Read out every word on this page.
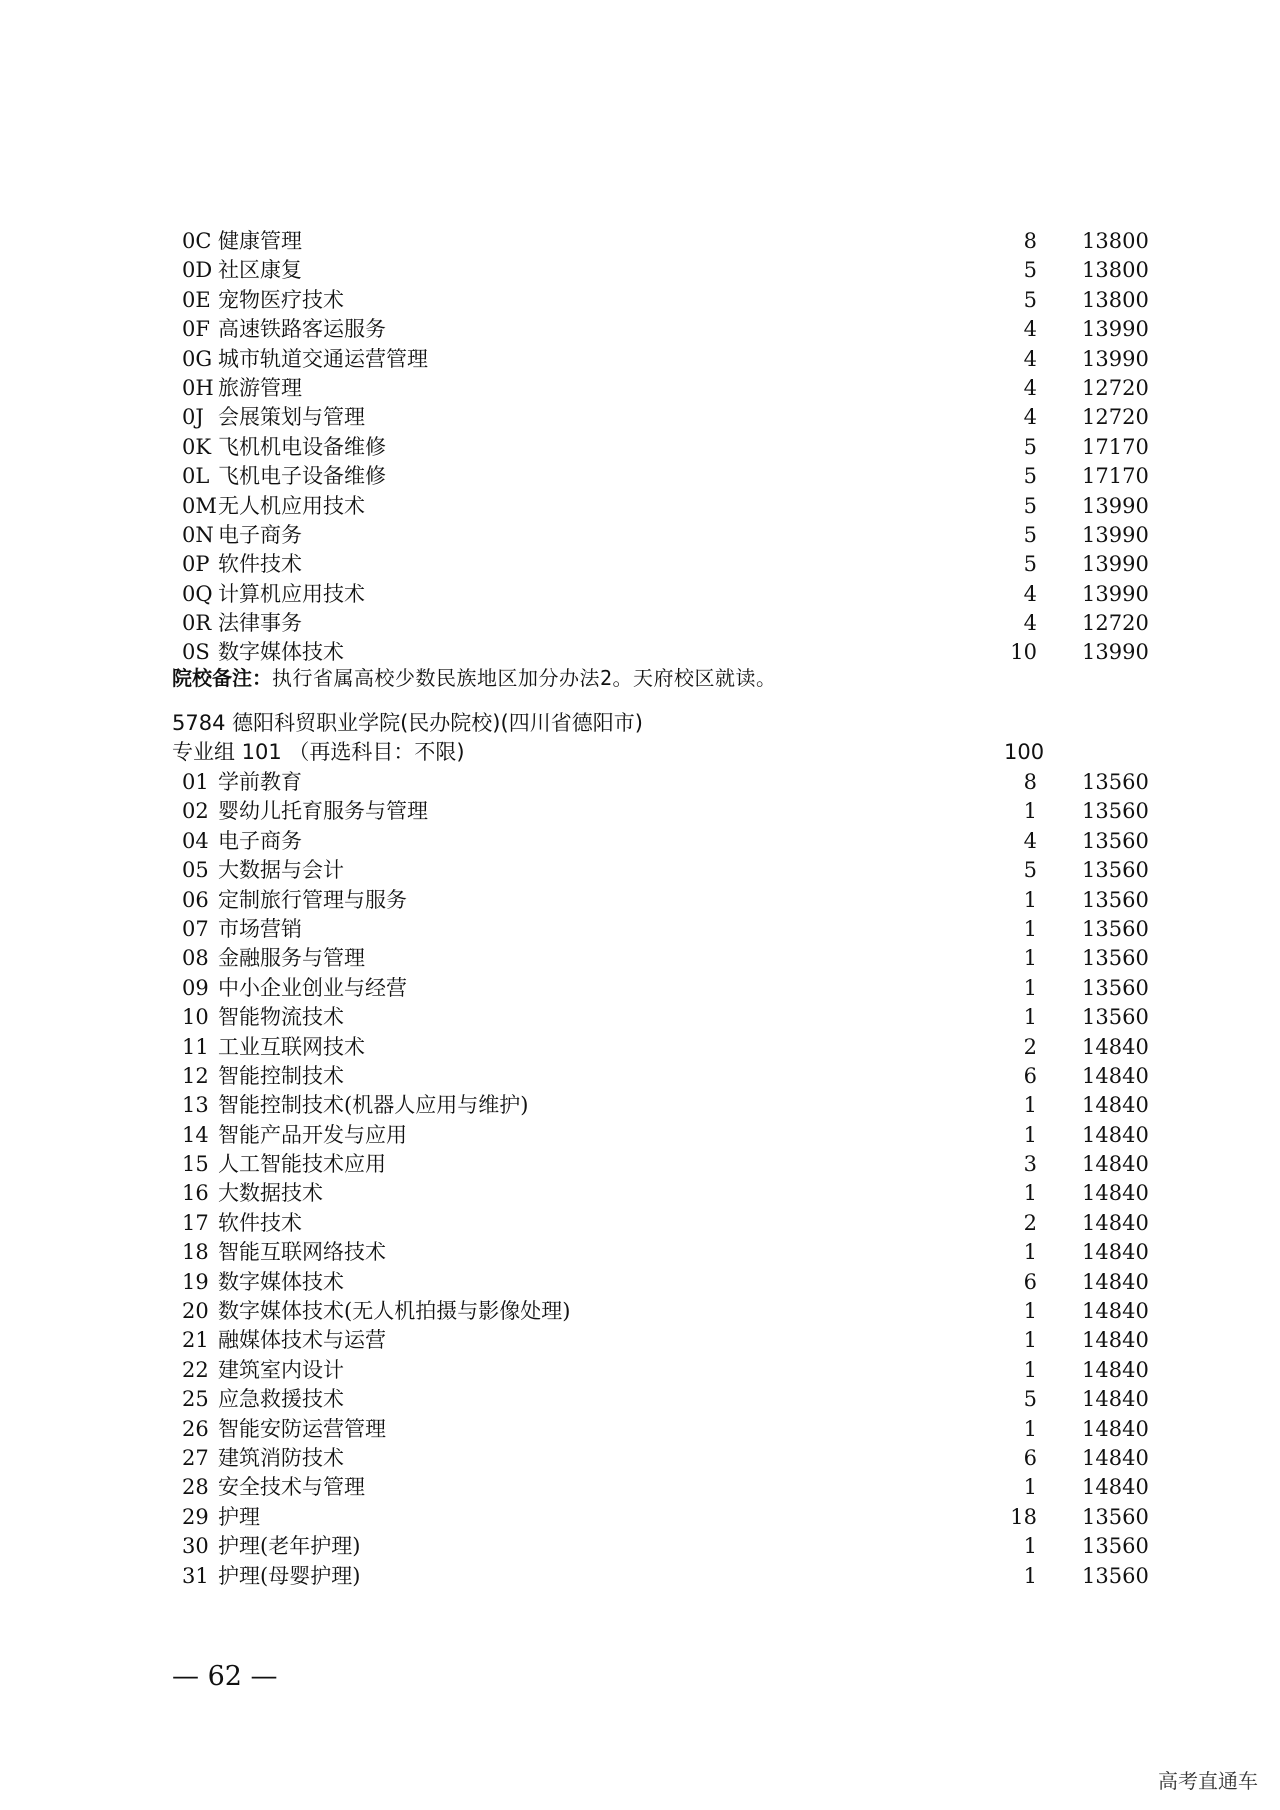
0C 健康管理	8 13800
0D 社区康复	5 13800
0E 宠物医疗技术	5 13800
0F 高速铁路客运服务	4 13990
0G 城市轨道交通运营管理	4 13990
0H 旅游管理	4 12720
0J 会展策划与管理	4 12720
0K 飞机机电设备维修	5 17170
0L 飞机电子设备维修	5 17170
0M 无人机应用技术	5 13990
0N 电子商务	5 13990
0P 软件技术	5 13990
0Q 计算机应用技术	4 13990
0R 法律事务	4 12720
0S 数字媒体技术	10 13990
院校备注：执行省属高校少数民族地区加分办法2。天府校区就读。
5784 德阳科贸职业学院(民办院校)(四川省德阳市)
专业组 101 （再选科目：不限)	100
01 学前教育	8 13560
02 婴幼儿托育服务与管理	1 13560
04 电子商务	4 13560
05 大数据与会计	5 13560
06 定制旅行管理与服务	1 13560
07 市场营销	1 13560
08 金融服务与管理	1 13560
09 中小企业创业与经营	1 13560
10 智能物流技术	1 13560
11 工业互联网技术	2 14840
12 智能控制技术	6 14840
13 智能控制技术(机器人应用与维护)	1 14840
14 智能产品开发与应用	1 14840
15 人工智能技术应用	3 14840
16 大数据技术	1 14840
17 软件技术	2 14840
18 智能互联网络技术	1 14840
19 数字媒体技术	6 14840
20 数字媒体技术(无人机拍摄与影像处理)	1 14840
21 融媒体技术与运营	1 14840
22 建筑室内设计	1 14840
25 应急救援技术	5 14840
26 智能安防运营管理	1 14840
27 建筑消防技术	6 14840
28 安全技术与管理	1 14840
29 护理	18 13560
30 护理(老年护理)	1 13560
31 护理(母婴护理)	1 13560
— 62 —
高考直通车
